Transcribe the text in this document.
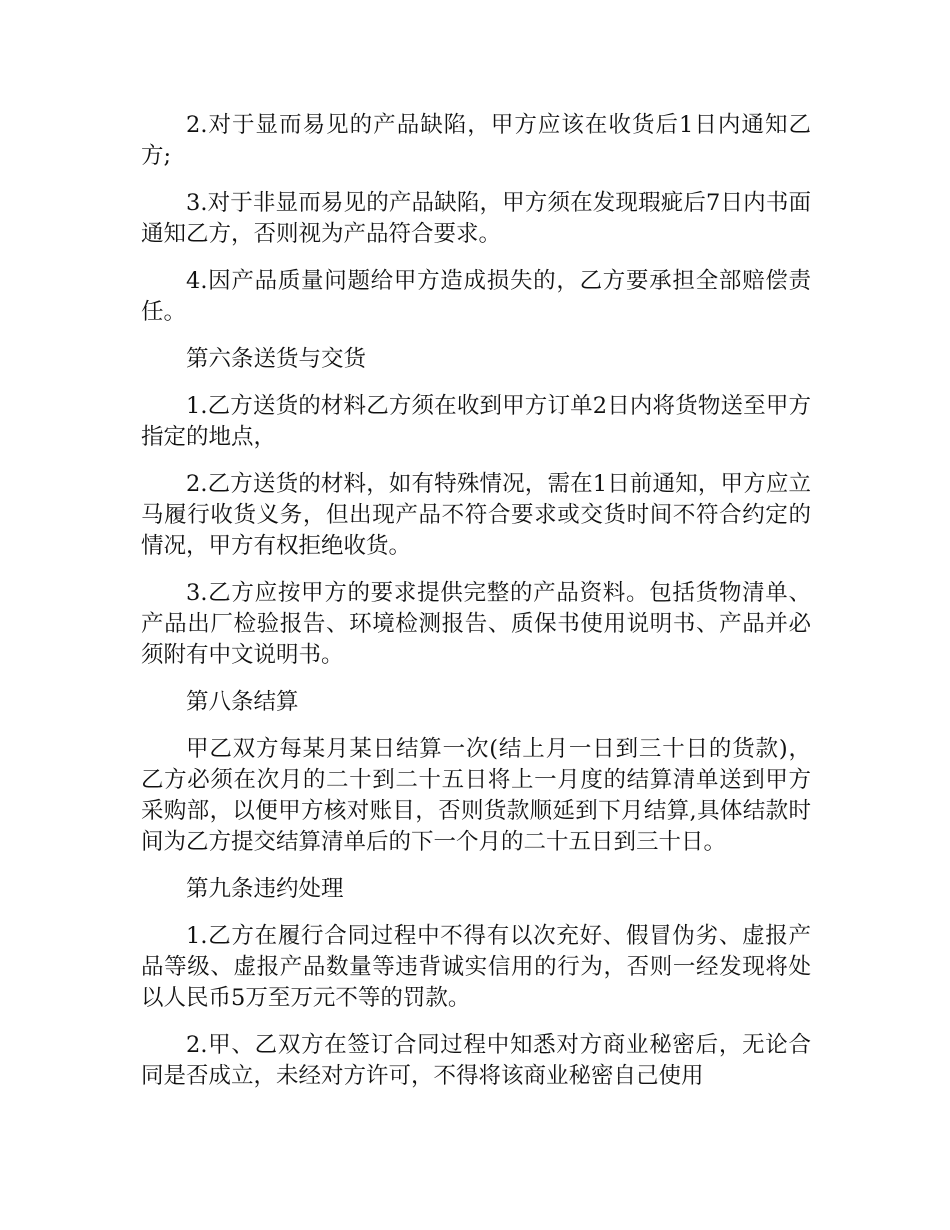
2.对于显而易见的产品缺陷，甲方应该在收货后1日内通知乙方;

3.对于非显而易见的产品缺陷，甲方须在发现瑕疵后7日内书面通知乙方，否则视为产品符合要求。

4.因产品质量问题给甲方造成损失的，乙方要承担全部赔偿责任。

第六条送货与交货

1.乙方送货的材料乙方须在收到甲方订单2日内将货物送至甲方指定的地点，

2.乙方送货的材料，如有特殊情况，需在1日前通知，甲方应立马履行收货义务，但出现产品不符合要求或交货时间不符合约定的情况，甲方有权拒绝收货。

3.乙方应按甲方的要求提供完整的产品资料。包括货物清单、产品出厂检验报告、环境检测报告、质保书使用说明书、产品并必须附有中文说明书。

第八条结算

甲乙双方每某月某日结算一次(结上月一日到三十日的货款)，乙方必须在次月的二十到二十五日将上一月度的结算清单送到甲方采购部，以便甲方核对账目，否则货款顺延到下月结算,具体结款时间为乙方提交结算清单后的下一个月的二十五日到三十日。

第九条违约处理

1.乙方在履行合同过程中不得有以次充好、假冒伪劣、虚报产品等级、虚报产品数量等违背诚实信用的行为，否则一经发现将处以人民币5万至万元不等的罚款。

2.甲、乙双方在签订合同过程中知悉对方商业秘密后，无论合同是否成立，未经对方许可，不得将该商业秘密自己使用
